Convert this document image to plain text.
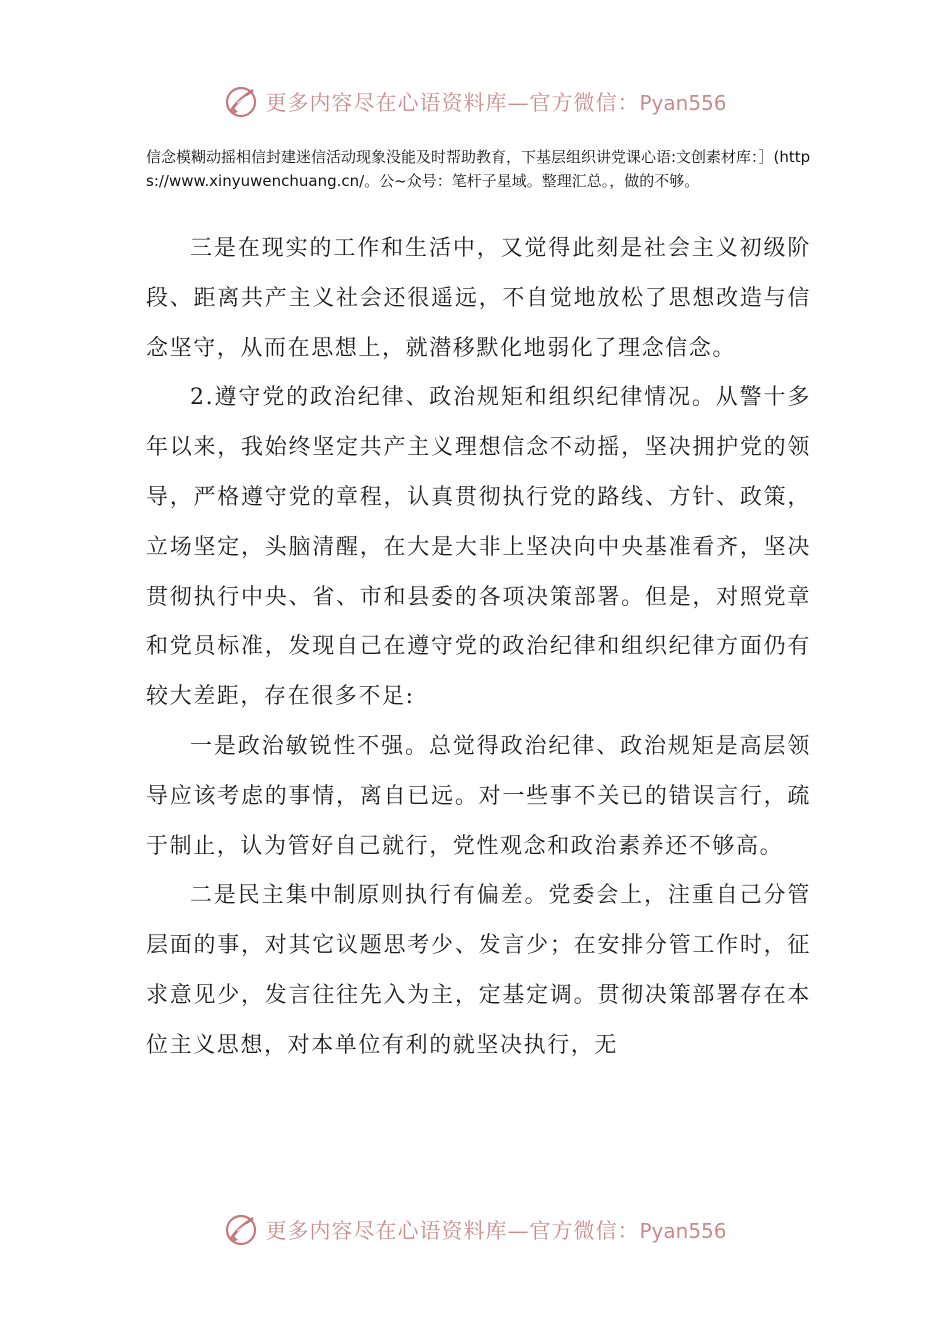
更多内容尽在心语资料库—官方微信：Pyan556
信念模糊动摇相信封建迷信活动现象没能及时帮助教育，下基层组织讲党课心语:文创素材库：］(https://www.xinyuwenchuang.cn/。公~众号：笔杆子星域。整理汇总。，做的不够。

三是在现实的工作和生活中，又觉得此刻是社会主义初级阶段、距离共产主义社会还很遥远，不自觉地放松了思想改造与信念坚守，从而在思想上，就潜移默化地弱化了理念信念。

2.遵守党的政治纪律、政治规矩和组织纪律情况。从警十多年以来，我始终坚定共产主义理想信念不动摇，坚决拥护党的领导，严格遵守党的章程，认真贯彻执行党的路线、方针、政策，立场坚定，头脑清醒，在大是大非上坚决向中央基准看齐，坚决贯彻执行中央、省、市和县委的各项决策部署。但是，对照党章和党员标准，发现自己在遵守党的政治纪律和组织纪律方面仍有较大差距，存在很多不足:

一是政治敏锐性不强。总觉得政治纪律、政治规矩是高层领导应该考虑的事情，离自已远。对一些事不关已的错误言行，疏于制止，认为管好自己就行，党性观念和政治素养还不够高。

二是民主集中制原则执行有偏差。党委会上，注重自己分管层面的事，对其它议题思考少、发言少；在安排分管工作时，征求意见少，发言往往先入为主，定基定调。贯彻决策部署存在本位主义思想，对本单位有利的就坚决执行，无

更多内容尽在心语资料库—官方微信：Pyan556
